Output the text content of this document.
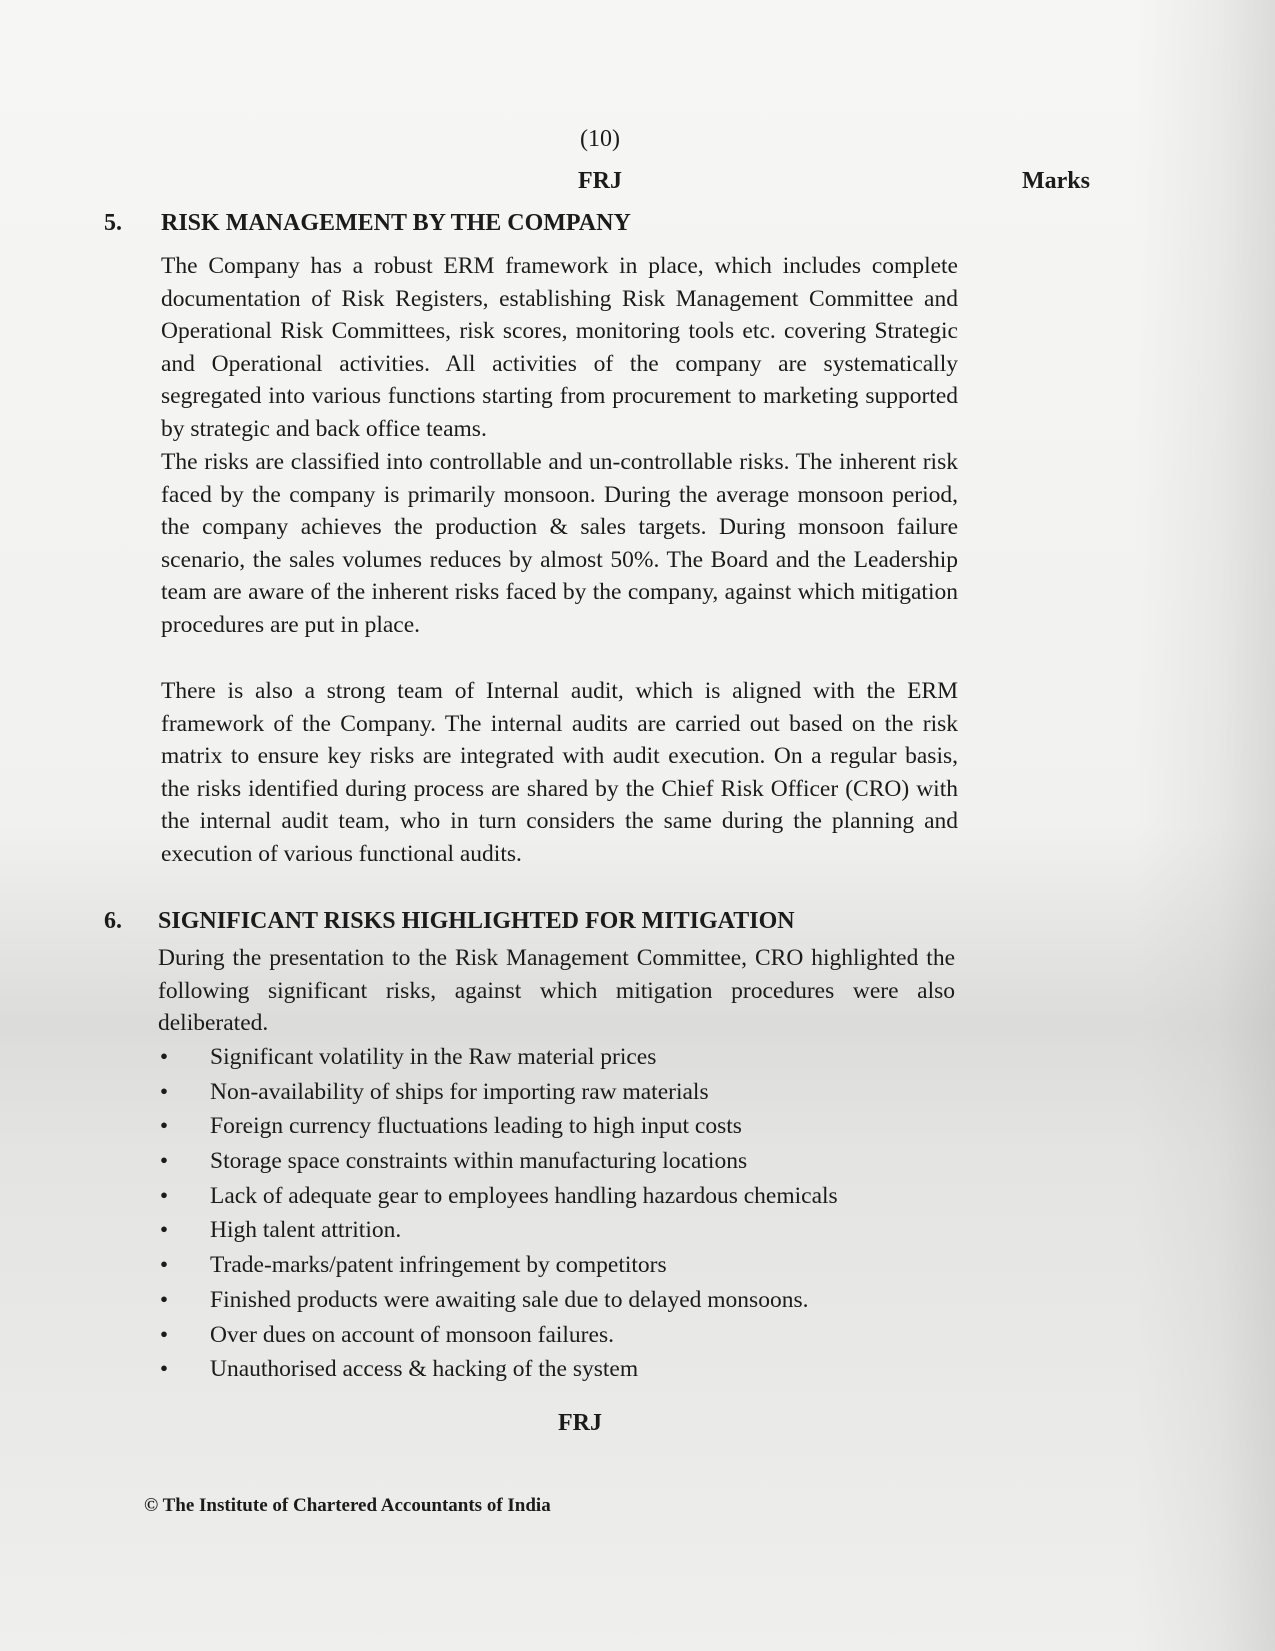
(10)
FRJ	Marks
5. RISK MANAGEMENT BY THE COMPANY

The Company has a robust ERM framework in place, which includes complete documentation of Risk Registers, establishing Risk Management Committee and Operational Risk Committees, risk scores, monitoring tools etc. covering Strategic and Operational activities. All activities of the company are systematically segregated into various functions starting from procurement to marketing supported by strategic and back office teams.

The risks are classified into controllable and un-controllable risks. The inherent risk faced by the company is primarily monsoon. During the average monsoon period, the company achieves the production & sales targets. During monsoon failure scenario, the sales volumes reduces by almost 50%. The Board and the Leadership team are aware of the inherent risks faced by the company, against which mitigation procedures are put in place.

There is also a strong team of Internal audit, which is aligned with the ERM framework of the Company. The internal audits are carried out based on the risk matrix to ensure key risks are integrated with audit execution. On a regular basis, the risks identified during process are shared by the Chief Risk Officer (CRO) with the internal audit team, who in turn considers the same during the planning and execution of various functional audits.

6. SIGNIFICANT RISKS HIGHLIGHTED FOR MITIGATION

During the presentation to the Risk Management Committee, CRO highlighted the following significant risks, against which mitigation procedures were also deliberated.

• Significant volatility in the Raw material prices
• Non-availability of ships for importing raw materials
• Foreign currency fluctuations leading to high input costs
• Storage space constraints within manufacturing locations
• Lack of adequate gear to employees handling hazardous chemicals
• High talent attrition.
• Trade-marks/patent infringement by competitors
• Finished products were awaiting sale due to delayed monsoons.
• Over dues on account of monsoon failures.
• Unauthorised access & hacking of the system
FRJ
© The Institute of Chartered Accountants of India
